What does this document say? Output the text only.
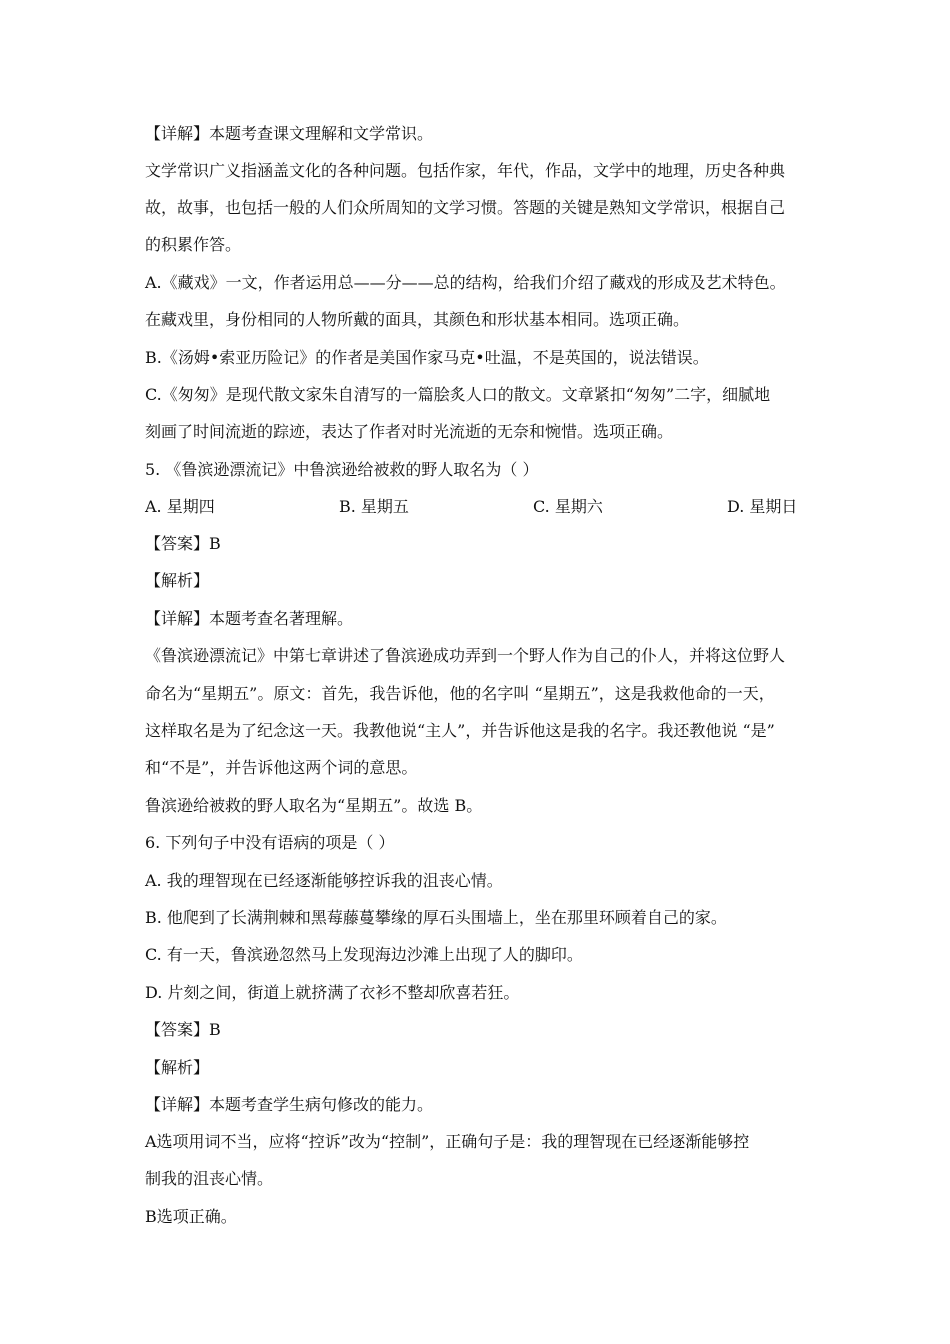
【详解】本题考查课文理解和文学常识。
文学常识广义指涵盖文化的各种问题。包括作家，年代，作品，文学中的地理，历史各种典
故，故事，也包括一般的人们众所周知的文学习惯。答题的关键是熟知文学常识，根据自己
的积累作答。
A.《藏戏》一文，作者运用总——分——总的结构，给我们介绍了藏戏的形成及艺术特色。
在藏戏里，身份相同的人物所戴的面具，其颜色和形状基本相同。选项正确。
B.《汤姆•索亚历险记》的作者是美国作家马克•吐温，不是英国的，说法错误。
C.《匆匆》是现代散文家朱自清写的一篇脍炙人口的散文。文章紧扣“匆匆”二字，细腻地
刻画了时间流逝的踪迹，表达了作者对时光流逝的无奈和惋惜。选项正确。
5. 《鲁滨逊漂流记》中鲁滨逊给被救的野人取名为（ ）
A. 星期四	B. 星期五	C. 星期六	D. 星期日
【答案】B
【解析】
【详解】本题考查名著理解。
《鲁滨逊漂流记》中第七章讲述了鲁滨逊成功弄到一个野人作为自己的仆人，并将这位野人
命名为“星期五”。原文：首先，我告诉他，他的名字叫 “星期五”，这是我救他命的一天，
这样取名是为了纪念这一天。我教他说“主人”，并告诉他这是我的名字。我还教他说 “是”
和“不是”，并告诉他这两个词的意思。
鲁滨逊给被救的野人取名为“星期五”。故选 B。
6. 下列句子中没有语病的项是（ ）
A. 我的理智现在已经逐渐能够控诉我的沮丧心情。
B. 他爬到了长满荆棘和黑莓藤蔓攀缘的厚石头围墙上，坐在那里环顾着自己的家。
C. 有一天，鲁滨逊忽然马上发现海边沙滩上出现了人的脚印。
D. 片刻之间，街道上就挤满了衣衫不整却欣喜若狂。
【答案】B
【解析】
【详解】本题考查学生病句修改的能力。
A选项用词不当，应将“控诉”改为“控制”，正确句子是：我的理智现在已经逐渐能够控
制我的沮丧心情。
B选项正确。
